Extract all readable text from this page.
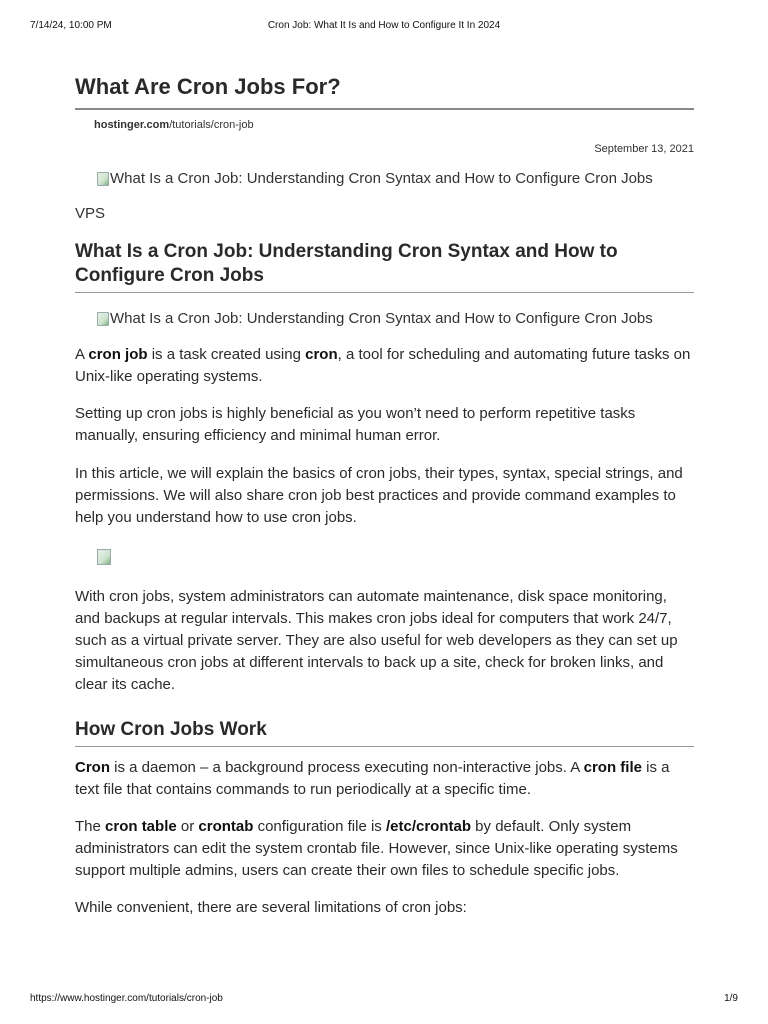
7/14/24, 10:00 PM	Cron Job: What It Is and How to Configure It In 2024
What Are Cron Jobs For?
hostinger.com/tutorials/cron-job
September 13, 2021
What Is a Cron Job: Understanding Cron Syntax and How to Configure Cron Jobs
VPS
What Is a Cron Job: Understanding Cron Syntax and How to Configure Cron Jobs
What Is a Cron Job: Understanding Cron Syntax and How to Configure Cron Jobs

A cron job is a task created using cron, a tool for scheduling and automating future tasks on Unix-like operating systems.

Setting up cron jobs is highly beneficial as you won’t need to perform repetitive tasks manually, ensuring efficiency and minimal human error.

In this article, we will explain the basics of cron jobs, their types, syntax, special strings, and permissions. We will also share cron job best practices and provide command examples to help you understand how to use cron jobs.

With cron jobs, system administrators can automate maintenance, disk space monitoring, and backups at regular intervals. This makes cron jobs ideal for computers that work 24/7, such as a virtual private server. They are also useful for web developers as they can set up simultaneous cron jobs at different intervals to back up a site, check for broken links, and clear its cache.

How Cron Jobs Work

Cron is a daemon – a background process executing non-interactive jobs. A cron file is a text file that contains commands to run periodically at a specific time.

The cron table or crontab configuration file is /etc/crontab by default. Only system administrators can edit the system crontab file. However, since Unix-like operating systems support multiple admins, users can create their own files to schedule specific jobs.

While convenient, there are several limitations of cron jobs:

https://www.hostinger.com/tutorials/cron-job	1/9
